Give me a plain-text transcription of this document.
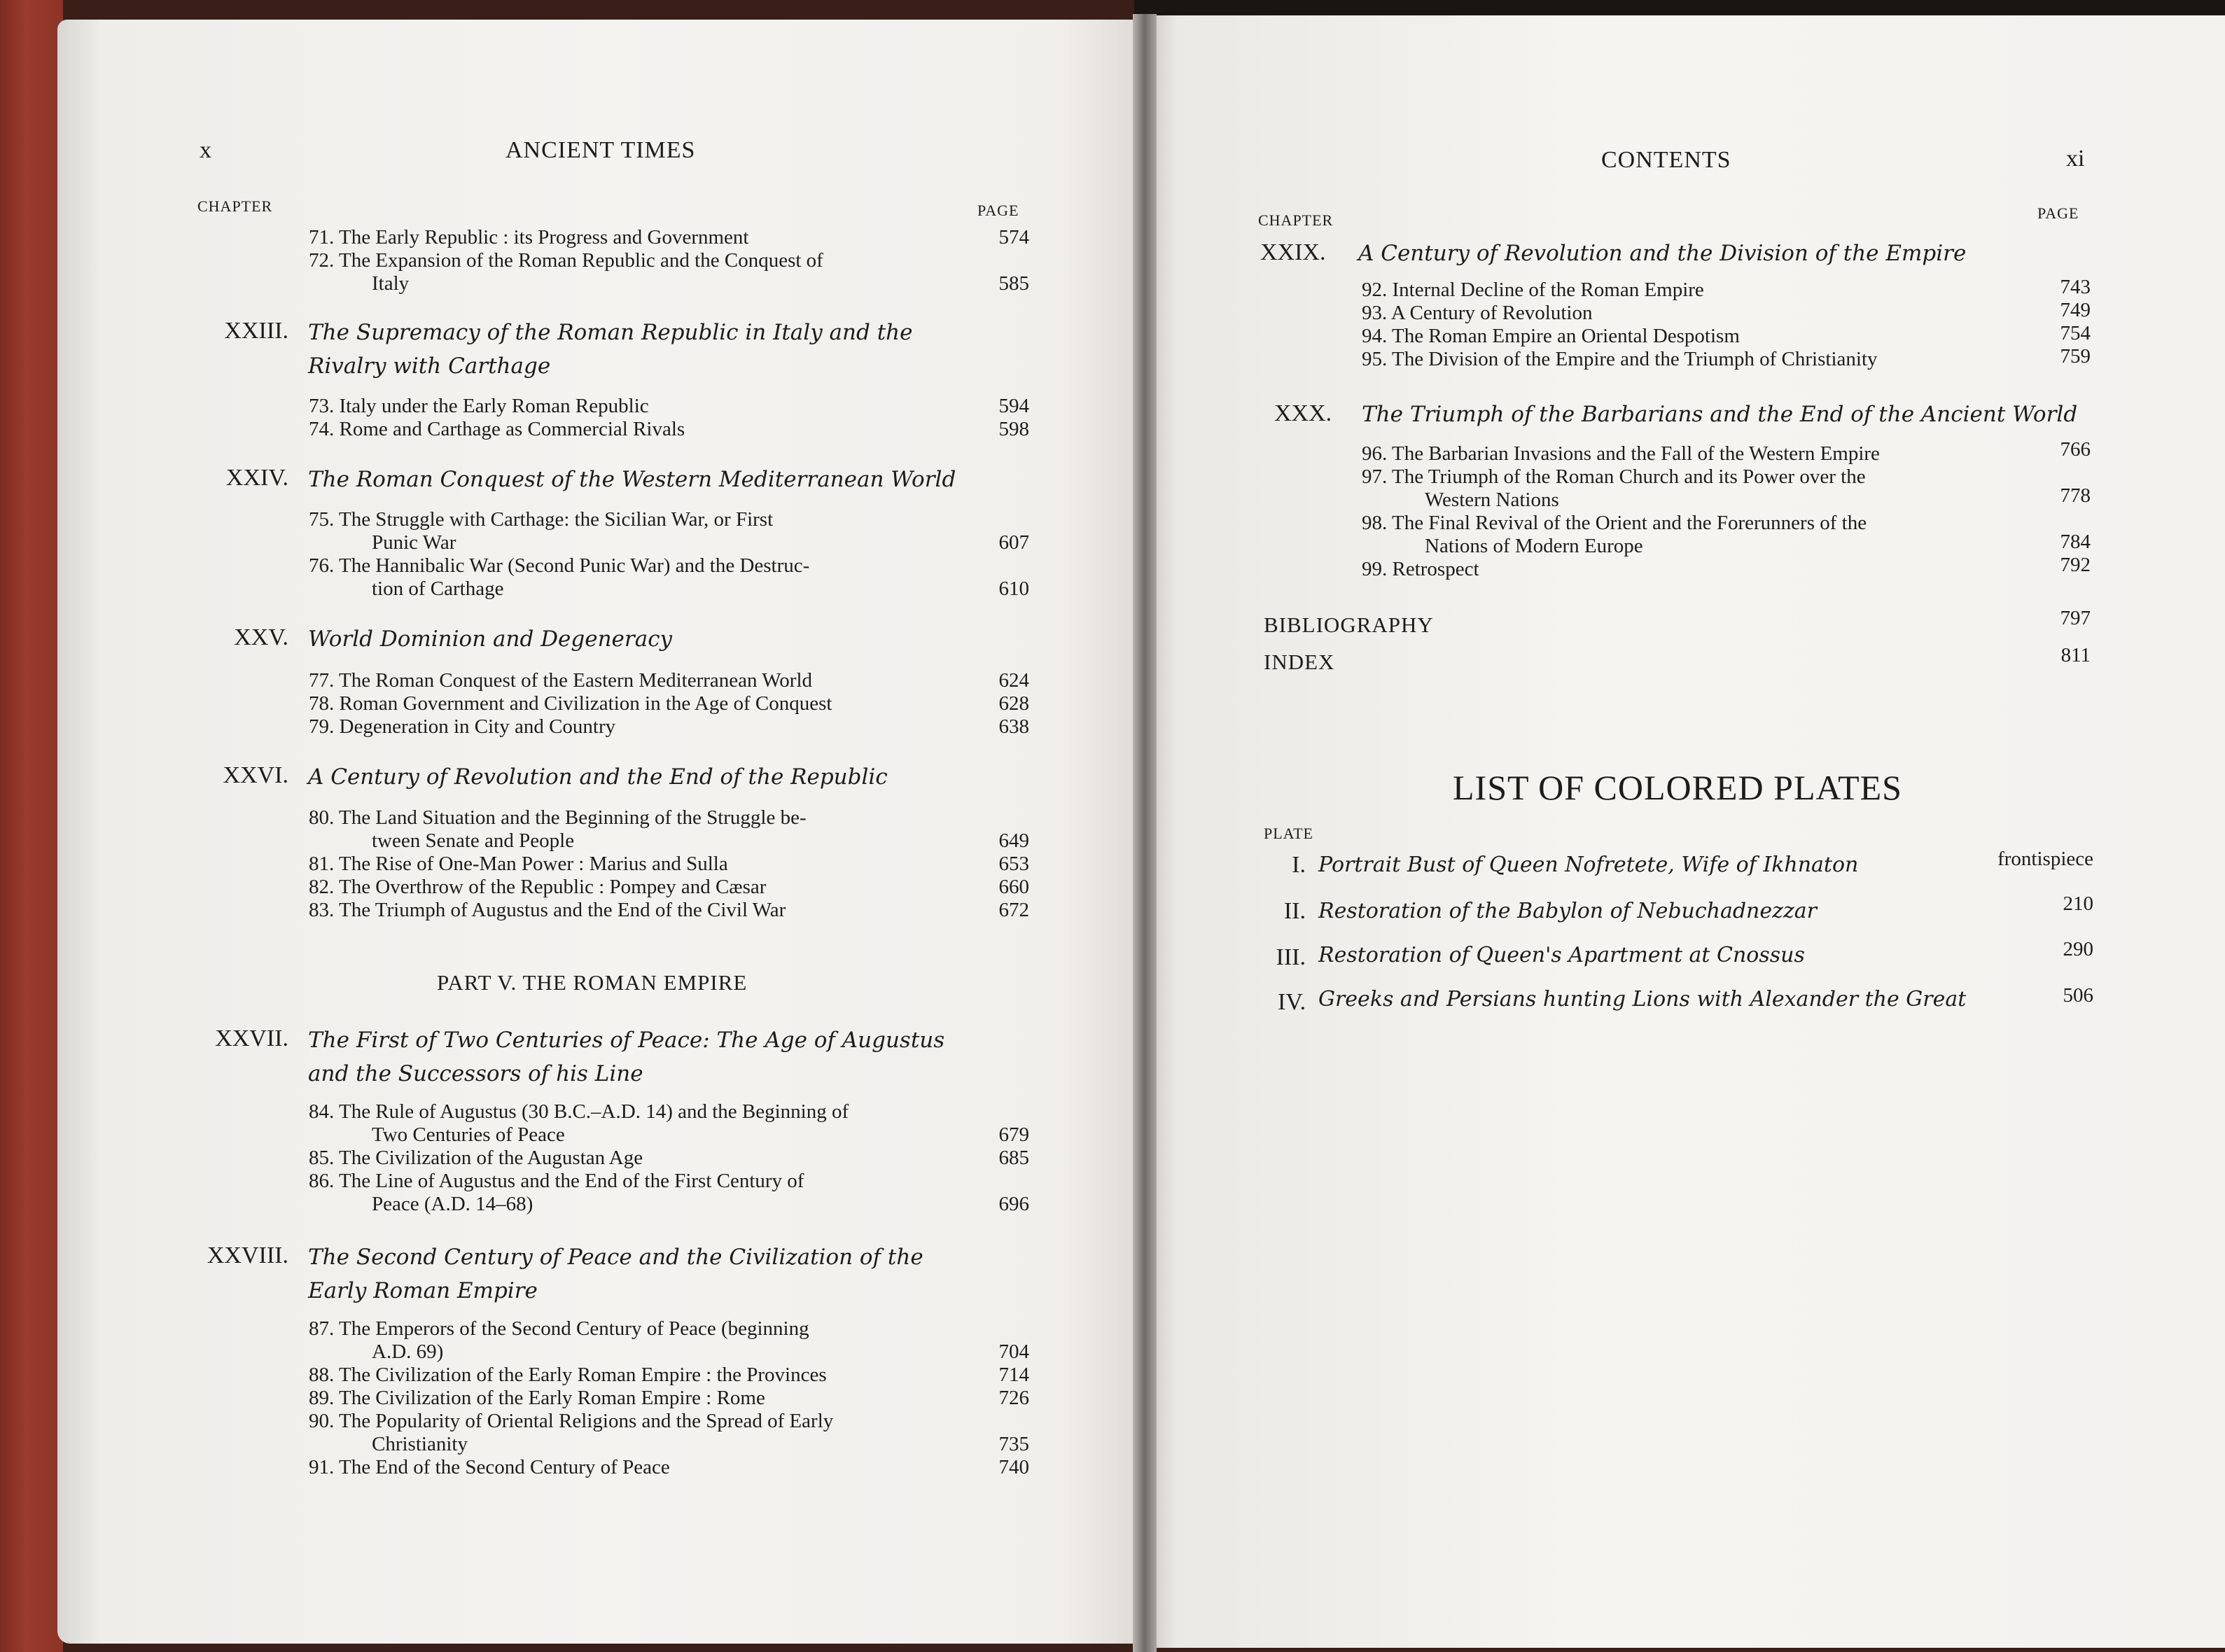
x	ANCIENT TIMES
CHAPTER	PAGE
71. The Early Republic : its Progress and Government	574
72. The Expansion of the Roman Republic and the Conquest of
Italy	585
XXIII. The Supremacy of the Roman Republic in Italy and the Rivalry with Carthage
73. Italy under the Early Roman Republic	594
74. Rome and Carthage as Commercial Rivals	598
XXIV. The Roman Conquest of the Western Mediterranean World
75. The Struggle with Carthage: the Sicilian War, or First
Punic War	607
76. The Hannibalic War (Second Punic War) and the Destruc-
tion of Carthage	610
XXV. World Dominion and Degeneracy
77. The Roman Conquest of the Eastern Mediterranean World	624
78. Roman Government and Civilization in the Age of Conquest	628
79. Degeneration in City and Country	638
XXVI. A Century of Revolution and the End of the Republic
80. The Land Situation and the Beginning of the Struggle be-
tween Senate and People	649
81. The Rise of One-Man Power : Marius and Sulla	653
82. The Overthrow of the Republic : Pompey and Cæsar	660
83. The Triumph of Augustus and the End of the Civil War	672
PART V. THE ROMAN EMPIRE
XXVII. The First of Two Centuries of Peace: The Age of Augustus and the Successors of his Line
84. The Rule of Augustus (30 B.C.–A.D. 14) and the Beginning of
Two Centuries of Peace	679
85. The Civilization of the Augustan Age	685
86. The Line of Augustus and the End of the First Century of
Peace (A.D. 14–68)	696
XXVIII. The Second Century of Peace and the Civilization of the Early Roman Empire
87. The Emperors of the Second Century of Peace (beginning
A.D. 69)	704
88. The Civilization of the Early Roman Empire : the Provinces	714
89. The Civilization of the Early Roman Empire : Rome	726
90. The Popularity of Oriental Religions and the Spread of Early
Christianity	735
91. The End of the Second Century of Peace	740
CONTENTS	xi
CHAPTER	PAGE
XXIX.	A Century of Revolution and the Division of the Empire
92. Internal Decline of the Roman Empire	743
93. A Century of Revolution	749
94. The Roman Empire an Oriental Despotism	754
95. The Division of the Empire and the Triumph of Christianity	759
XXX.	The Triumph of the Barbarians and the End of the Ancient World
96. The Barbarian Invasions and the Fall of the Western Empire	766
97. The Triumph of the Roman Church and its Power over the
Western Nations	778
98. The Final Revival of the Orient and the Forerunners of the
Nations of Modern Europe	784
99. Retrospect	792
BIBLIOGRAPHY	797
INDEX	811
LIST OF COLORED PLATES
PLATE
I. Portrait Bust of Queen Nofretete, Wife of Ikhnaton	frontispiece
II. Restoration of the Babylon of Nebuchadnezzar	210
III. Restoration of Queen's Apartment at Cnossus	290
IV. Greeks and Persians hunting Lions with Alexander the Great	506
